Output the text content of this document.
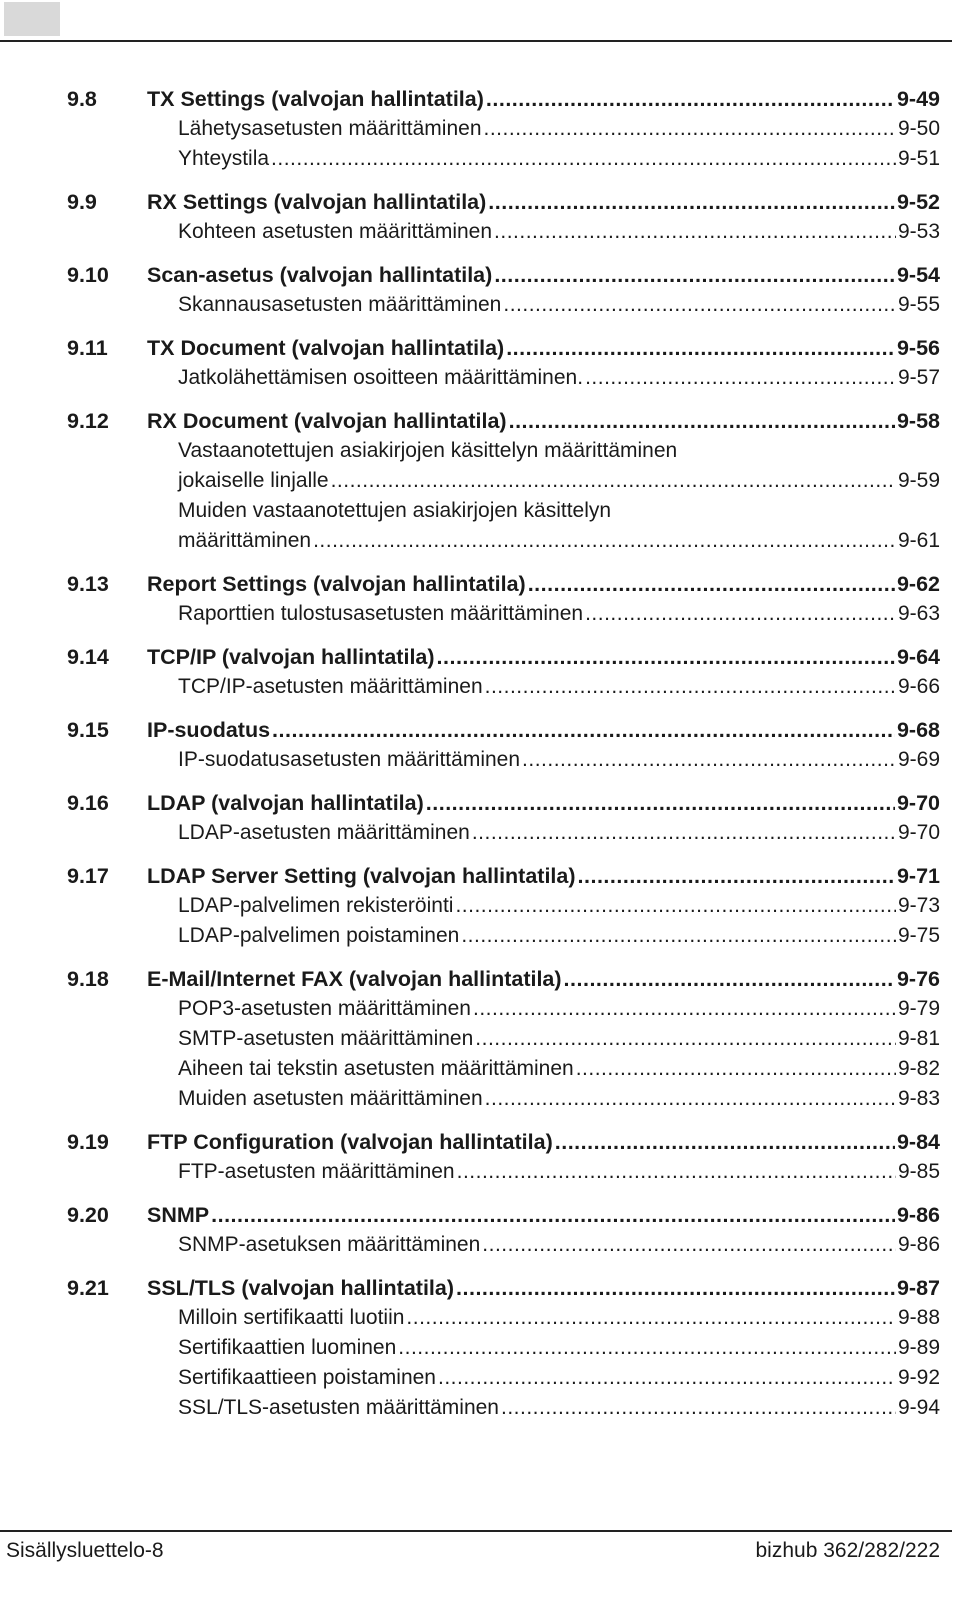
9.8	TX Settings (valvojan hallintatila) .....	9-49
Lähetysasetusten määrittäminen .....	9-50
Yhteystila .....	9-51
9.9	RX Settings (valvojan hallintatila) .....	9-52
Kohteen asetusten määrittäminen .....	9-53
9.10	Scan-asetus (valvojan hallintatila) .....	9-54
Skannausasetusten määrittäminen .....	9-55
9.11	TX Document (valvojan hallintatila) .....	9-56
Jatkolähettämisen osoitteen määrittäminen. .....	9-57
9.12	RX Document (valvojan hallintatila) .....	9-58
Vastaanotettujen asiakirjojen käsittelyn määrittäminen
jokaiselle linjalle .....	9-59
Muiden vastaanotettujen asiakirjojen käsittelyn
määrittäminen .....	9-61
9.13	Report Settings (valvojan hallintatila) .....	9-62
Raporttien tulostusasetusten määrittäminen .....	9-63
9.14	TCP/IP (valvojan hallintatila) .....	9-64
TCP/IP-asetusten määrittäminen .....	9-66
9.15	IP-suodatus .....	9-68
IP-suodatusasetusten määrittäminen .....	9-69
9.16	LDAP (valvojan hallintatila) .....	9-70
LDAP-asetusten määrittäminen .....	9-70
9.17	LDAP Server Setting (valvojan hallintatila) .....	9-71
LDAP-palvelimen rekisteröinti .....	9-73
LDAP-palvelimen poistaminen .....	9-75
9.18	E-Mail/Internet FAX (valvojan hallintatila) .....	9-76
POP3-asetusten määrittäminen .....	9-79
SMTP-asetusten määrittäminen .....	9-81
Aiheen tai tekstin asetusten määrittäminen .....	9-82
Muiden asetusten määrittäminen .....	9-83
9.19	FTP Configuration (valvojan hallintatila) .....	9-84
FTP-asetusten määrittäminen .....	9-85
9.20	SNMP .....	9-86
SNMP-asetuksen määrittäminen .....	9-86
9.21	SSL/TLS (valvojan hallintatila) .....	9-87
Milloin sertifikaatti luotiin .....	9-88
Sertifikaattien luominen .....	9-89
Sertifikaattieen poistaminen .....	9-92
SSL/TLS-asetusten määrittäminen .....	9-94
Sisällysluettelo-8	bizhub 362/282/222
